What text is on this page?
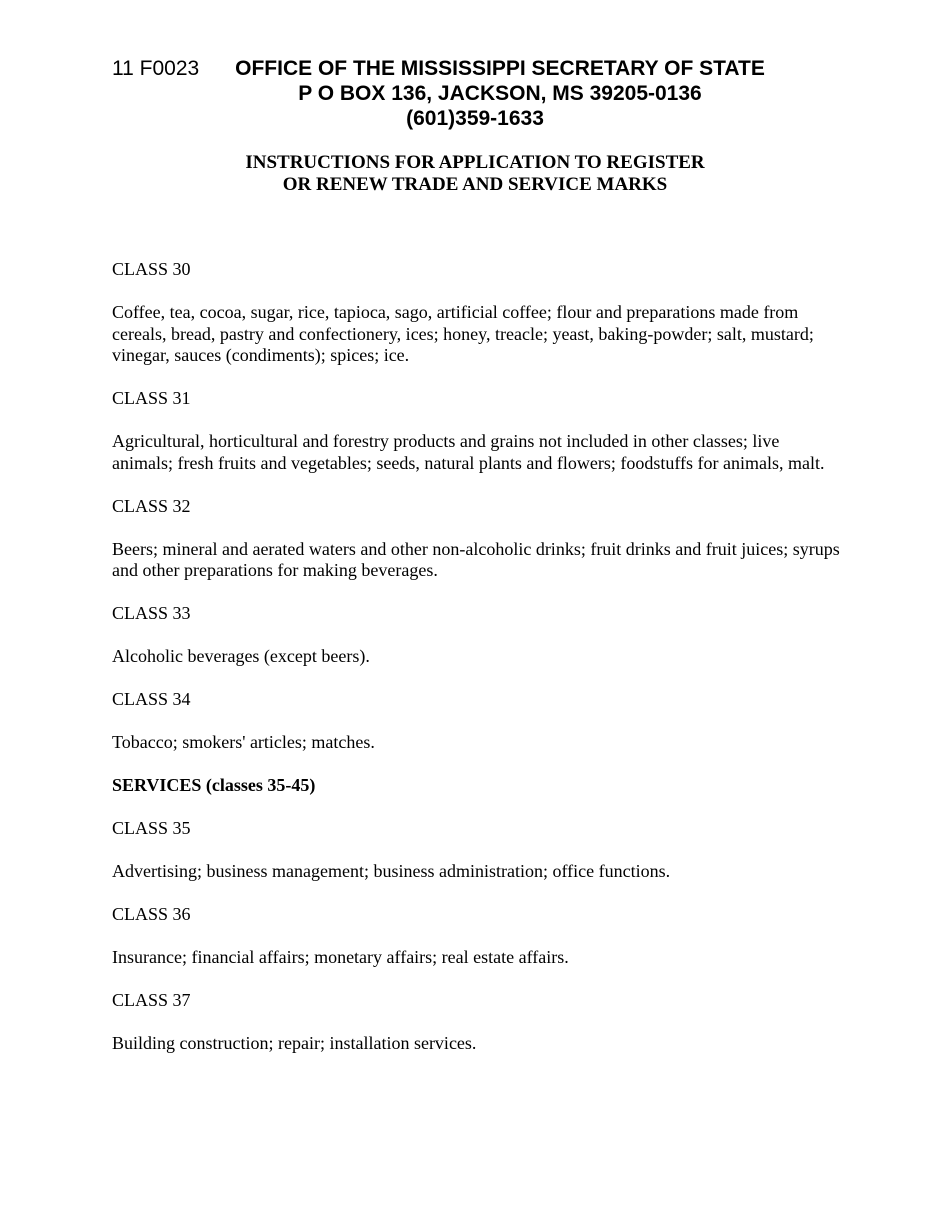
11 F0023	OFFICE OF THE MISSISSIPPI SECRETARY OF STATE
P O BOX 136, JACKSON, MS 39205-0136
(601)359-1633
INSTRUCTIONS FOR APPLICATION TO REGISTER
OR RENEW TRADE AND SERVICE MARKS
CLASS 30
Coffee, tea, cocoa, sugar, rice, tapioca, sago, artificial coffee; flour and preparations made from cereals, bread, pastry and confectionery, ices; honey, treacle; yeast, baking-powder; salt, mustard; vinegar, sauces (condiments); spices; ice.
CLASS 31
Agricultural, horticultural and forestry products and grains not included in other classes; live animals; fresh fruits and vegetables; seeds, natural plants and flowers; foodstuffs for animals, malt.
CLASS 32
Beers; mineral and aerated waters and other non-alcoholic drinks; fruit drinks and fruit juices; syrups and other preparations for making beverages.
CLASS 33
Alcoholic beverages (except beers).
CLASS 34
Tobacco; smokers' articles; matches.
SERVICES (classes 35-45)
CLASS 35
Advertising; business management; business administration; office functions.
CLASS 36
Insurance; financial affairs; monetary affairs; real estate affairs.
CLASS 37
Building construction; repair; installation services.
